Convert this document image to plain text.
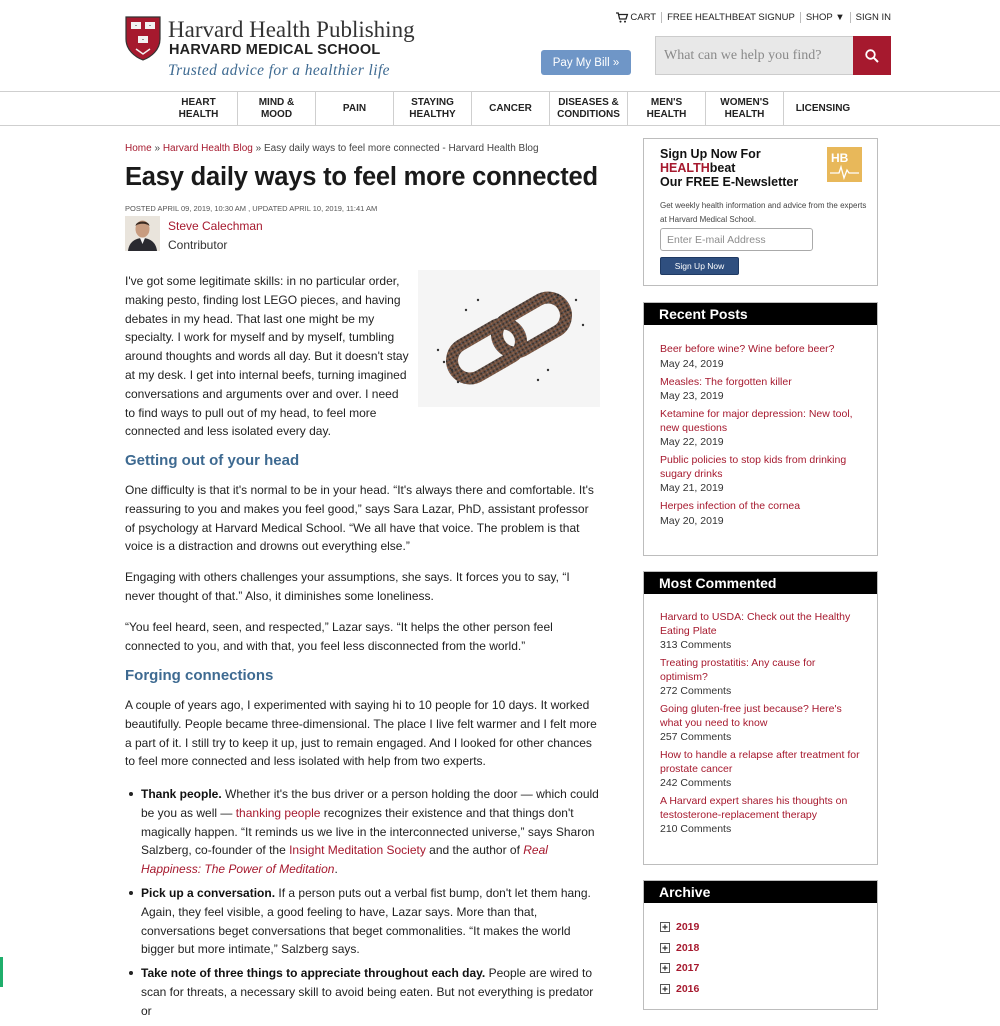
Harvard Health Publishing
HARVARD MEDICAL SCHOOL
Trusted advice for a healthier life
CART	FREE HEALTHBEAT SIGNUP	SHOP ▼	SIGN IN
Pay My Bill »
What can we help you find?
HEART
HEALTH
MIND &
MOOD
PAIN
STAYING
HEALTHY
CANCER
DISEASES &
CONDITIONS
MEN'S
HEALTH
WOMEN'S
HEALTH
LICENSING
Home » Harvard Health Blog » Easy daily ways to feel more connected - Harvard Health Blog
Easy daily ways to feel more connected
POSTED APRIL 09, 2019, 10:30 AM , UPDATED APRIL 10, 2019, 11:41 AM
Steve Calechman
Contributor

I've got some legitimate skills: in no particular order, making pesto, finding lost LEGO pieces, and having debates in my head. That last one might be my specialty. I work for myself and by myself, tumbling around thoughts and words all day. But it doesn't stay at my desk. I get into internal beefs, turning imagined conversations and arguments over and over. I need to find ways to pull out of my head, to feel more connected and less isolated every day.

Getting out of your head

One difficulty is that it's normal to be in your head. “It's always there and comfortable. It's reassuring to you and makes you feel good,” says Sara Lazar, PhD, assistant professor of psychology at Harvard Medical School. “We all have that voice. The problem is that voice is a distraction and drowns out everything else.”

Engaging with others challenges your assumptions, she says. It forces you to say, “I never thought of that.” Also, it diminishes some loneliness.

“You feel heard, seen, and respected,” Lazar says. “It helps the other person feel connected to you, and with that, you feel less disconnected from the world.”

Forging connections

A couple of years ago, I experimented with saying hi to 10 people for 10 days. It worked beautifully. People became three-dimensional. The place I live felt warmer and I felt more a part of it. I still try to keep it up, just to remain engaged. And I looked for other chances to feel more connected and less isolated with help from two experts.

Thank people. Whether it's the bus driver or a person holding the door — which could be you as well — thanking people recognizes their existence and that things don't magically happen. “It reminds us we live in the interconnected universe,” says Sharon Salzberg, co-founder of the Insight Meditation Society and the author of Real Happiness: The Power of Meditation.
Pick up a conversation. If a person puts out a verbal fist bump, don't let them hang. Again, they feel visible, a good feeling to have, Lazar says. More than that, conversations beget conversations that beget commonalities. “It makes the world bigger but more intimate,” Salzberg says.
Take note of three things to appreciate throughout each day. People are wired to scan for threats, a necessary skill to avoid being eaten. But not everything is predator or
Sign Up Now For
HEALTHbeat
Our FREE E-Newsletter
HB

Get weekly health information and advice from the experts at Harvard Medical School.

Enter E-mail Address
Sign Up Now
Recent Posts
Beer before wine? Wine before beer?
May 24, 2019
Measles: The forgotten killer
May 23, 2019
Ketamine for major depression: New tool, new questions
May 22, 2019
Public policies to stop kids from drinking sugary drinks
May 21, 2019
Herpes infection of the cornea
May 20, 2019
Most Commented
Harvard to USDA: Check out the Healthy Eating Plate
313 Comments
Treating prostatitis: Any cause for optimism?
272 Comments
Going gluten-free just because? Here's what you need to know
257 Comments
How to handle a relapse after treatment for prostate cancer
242 Comments
A Harvard expert shares his thoughts on testosterone-replacement therapy
210 Comments
Archive
2019
2018
2017
2016
